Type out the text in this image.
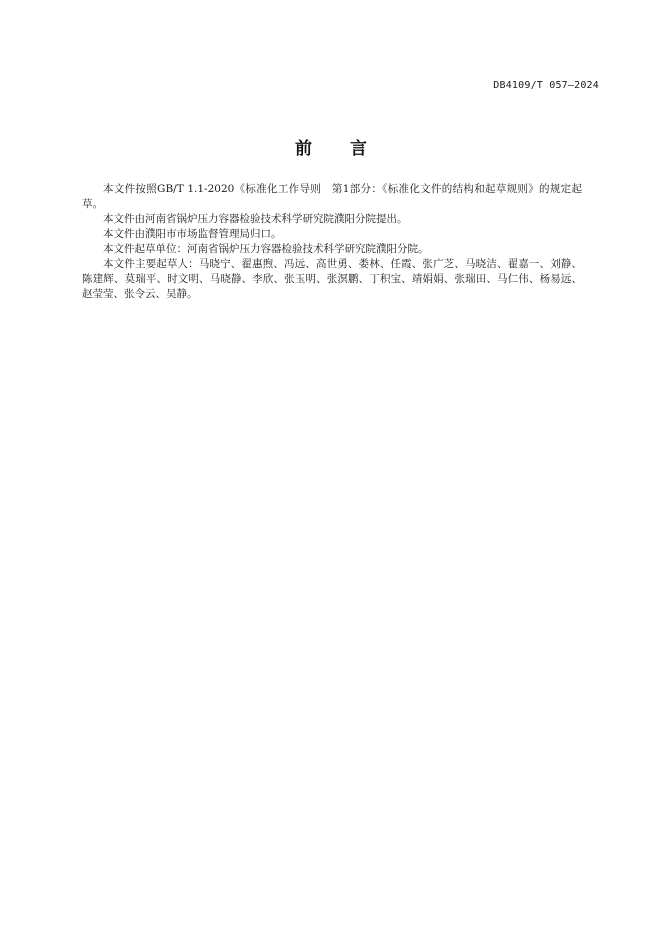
DB4109/T 057—2024
前言

本文件按照GB/T 1.1-2020《标准化工作导则　第1部分：《标准化文件的结构和起草规则》的规定起草。

本文件由河南省锅炉压力容器检验技术科学研究院濮阳分院提出。

本文件由濮阳市市场监督管理局归口。

本文件起草单位：河南省锅炉压力容器检验技术科学研究院濮阳分院。

本文件主要起草人：马晓宁、翟惠煦、冯远、高世勇、娄林、任霞、张广芝、马晓洁、翟嘉一、刘静、陈建辉、莫瑞平、时文明、马晓静、李欣、张玉明、张溟鹏、丁积宝、靖娟娟、张瑞田、马仁伟、杨易远、赵莹莹、张令云、吴静。
